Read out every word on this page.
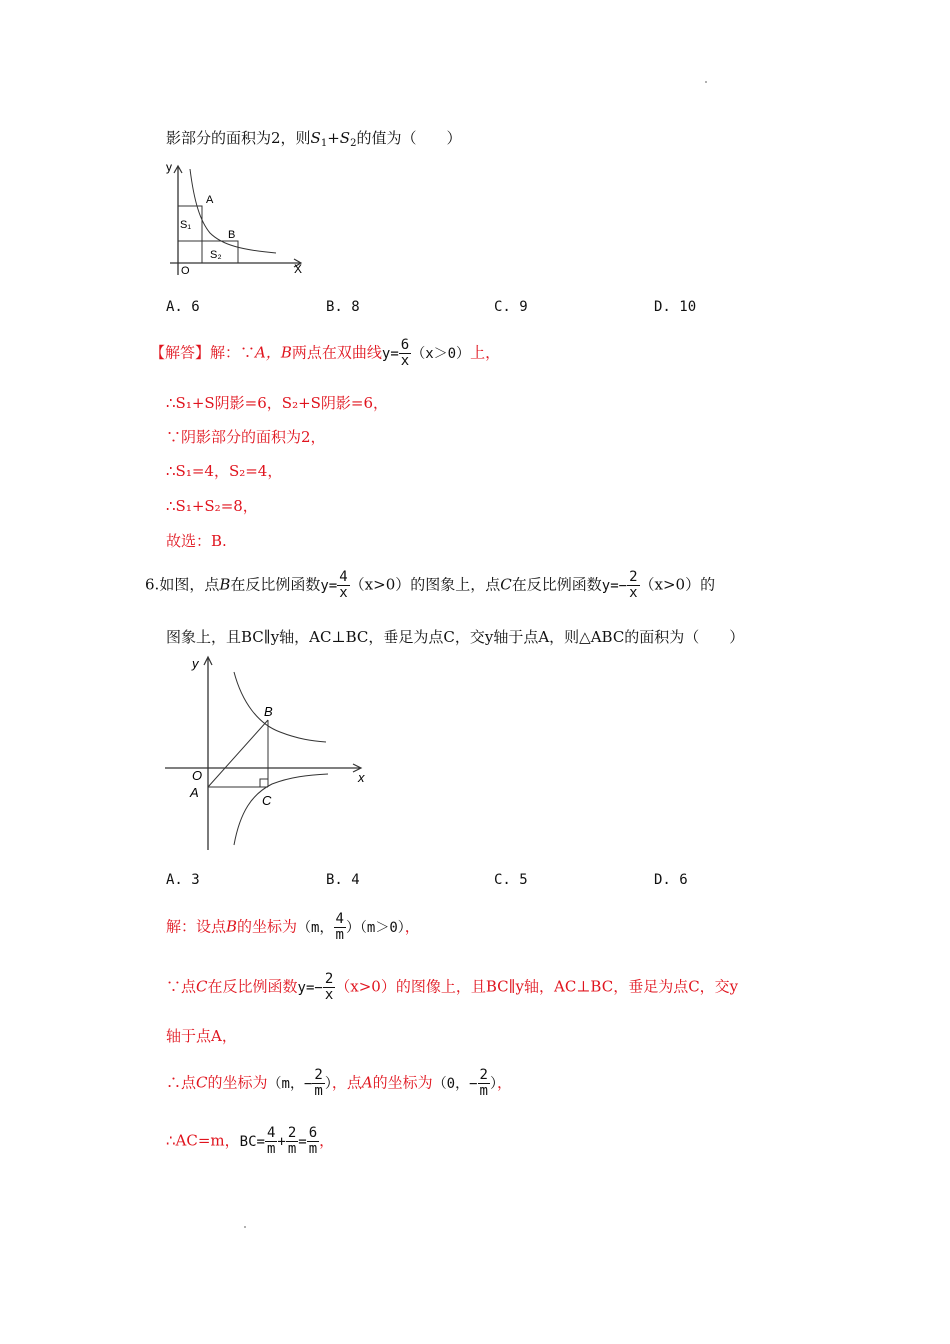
影部分的面积为2，则$S_1+S_2$的值为（　　）
y
X
O
A
B
S₁
S₂
A. 6	B. 8	C. 9	D. 10
【解答】解：∵A，B两点在双曲线$y= \frac{6}{x} (x>0)$上，
∴S₁+S阴影=6，S₂+S阴影=6，
∵阴影部分的面积为2，
∴S₁=4，S₂=4，
∴S₁+S₂=8，
故选：B.
6.如图，点B在反比例函数$y= \frac{4}{x} (x>0)$的图象上，点C在反比例函数$y=- \frac{2}{x} (x>0)$的
图象上，且BC∥y轴，AC⊥BC，垂足为点C，交y轴于点A，则△ABC的面积为（　　）
y
x
O
A
B
C
A. 3	B. 4	C. 5	D. 6
解：设点B的坐标为（m， $\frac{4}{m} )(m>0)$，
∵点C在反比例函数$y=- \frac{2}{x} (x>0)$的图像上，且BC∥y轴，AC⊥BC，垂足为点C，交y
轴于点A，
∴点C的坐标为（m，− $\frac{2}{m}$ ），点A的坐标为（0，− $\frac{2}{m}$ ），
∴AC=m，$BC= \frac{4}{m} + \frac{2}{m} = \frac{6}{m}$ ，
